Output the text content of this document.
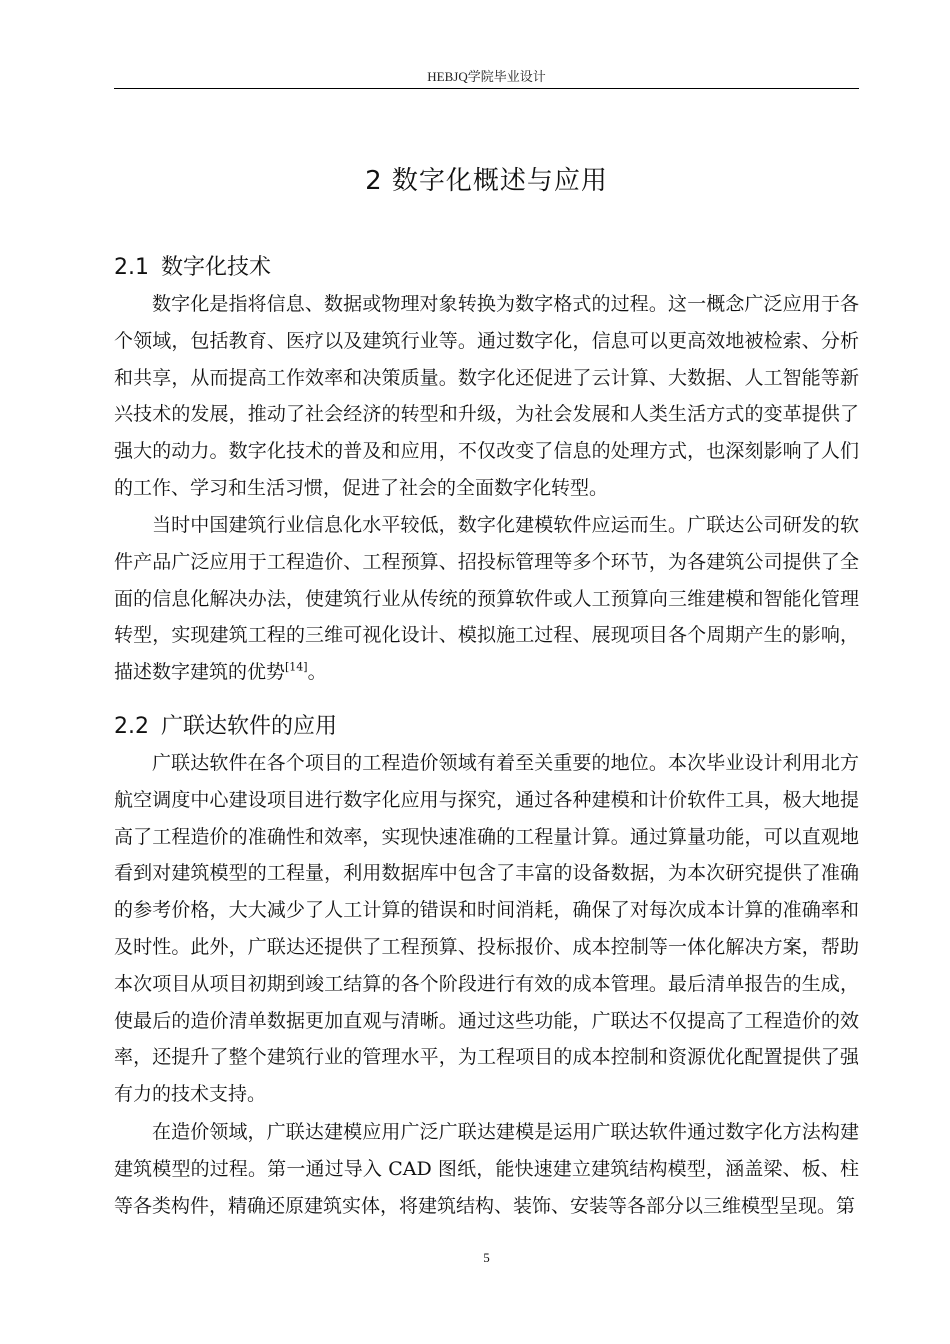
HEBJQ学院毕业设计
2 数字化概述与应用
2.1 数字化技术

数字化是指将信息、数据或物理对象转换为数字格式的过程。这一概念广泛应用于各个领域，包括教育、医疗以及建筑行业等。通过数字化，信息可以更高效地被检索、分析和共享，从而提高工作效率和决策质量。数字化还促进了云计算、大数据、人工智能等新兴技术的发展，推动了社会经济的转型和升级，为社会发展和人类生活方式的变革提供了强大的动力。数字化技术的普及和应用，不仅改变了信息的处理方式，也深刻影响了人们的工作、学习和生活习惯，促进了社会的全面数字化转型。

当时中国建筑行业信息化水平较低，数字化建模软件应运而生。广联达公司研发的软件产品广泛应用于工程造价、工程预算、招投标管理等多个环节，为各建筑公司提供了全面的信息化解决办法，使建筑行业从传统的预算软件或人工预算向三维建模和智能化管理转型，实现建筑工程的三维可视化设计、模拟施工过程、展现项目各个周期产生的影响，描述数字建筑的优势[14]。

2.2 广联达软件的应用

广联达软件在各个项目的工程造价领域有着至关重要的地位。本次毕业设计利用北方航空调度中心建设项目进行数字化应用与探究，通过各种建模和计价软件工具，极大地提高了工程造价的准确性和效率，实现快速准确的工程量计算。通过算量功能，可以直观地看到对建筑模型的工程量，利用数据库中包含了丰富的设备数据，为本次研究提供了准确的参考价格，大大减少了人工计算的错误和时间消耗，确保了对每次成本计算的准确率和及时性。此外，广联达还提供了工程预算、投标报价、成本控制等一体化解决方案，帮助本次项目从项目初期到竣工结算的各个阶段进行有效的成本管理。最后清单报告的生成，使最后的造价清单数据更加直观与清晰。通过这些功能，广联达不仅提高了工程造价的效率，还提升了整个建筑行业的管理水平，为工程项目的成本控制和资源优化配置提供了强有力的技术支持。

在造价领域，广联达建模应用广泛广联达建模是运用广联达软件通过数字化方法构建建筑模型的过程。第一通过导入 CAD 图纸，能快速建立建筑结构模型，涵盖梁、板、柱等各类构件，精确还原建筑实体，将建筑结构、装饰、安装等各部分以三维模型呈现。第

5
